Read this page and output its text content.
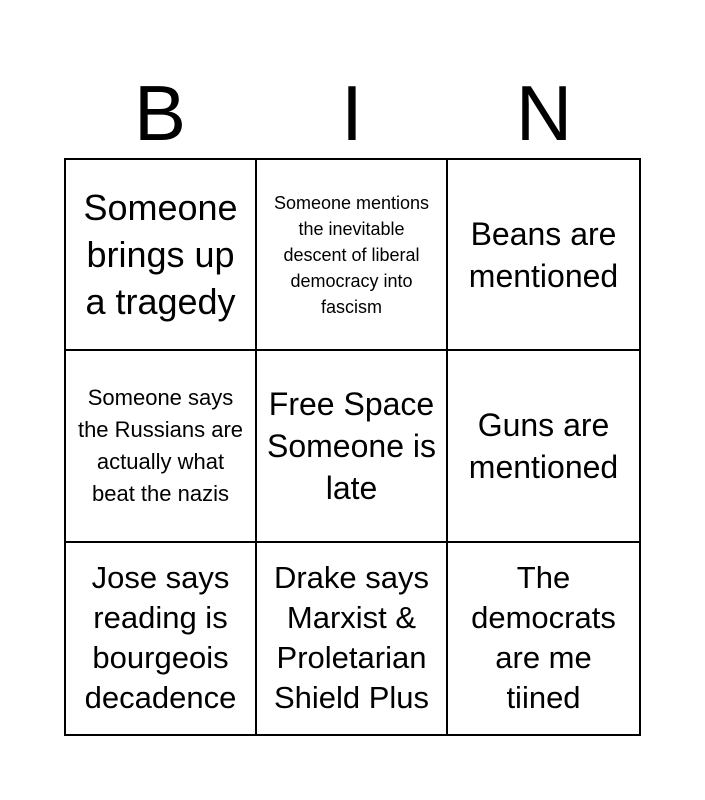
B	I	N
Someone brings up a tragedy
Someone mentions the inevitable descent of liberal democracy into fascism
Beans are mentioned
Someone says the Russians are actually what beat the nazis
Free Space Someone is late
Guns are mentioned
Jose says reading is bourgeois decadence
Drake says Marxist & Proletarian Shield Plus
The democrats are me tiined
